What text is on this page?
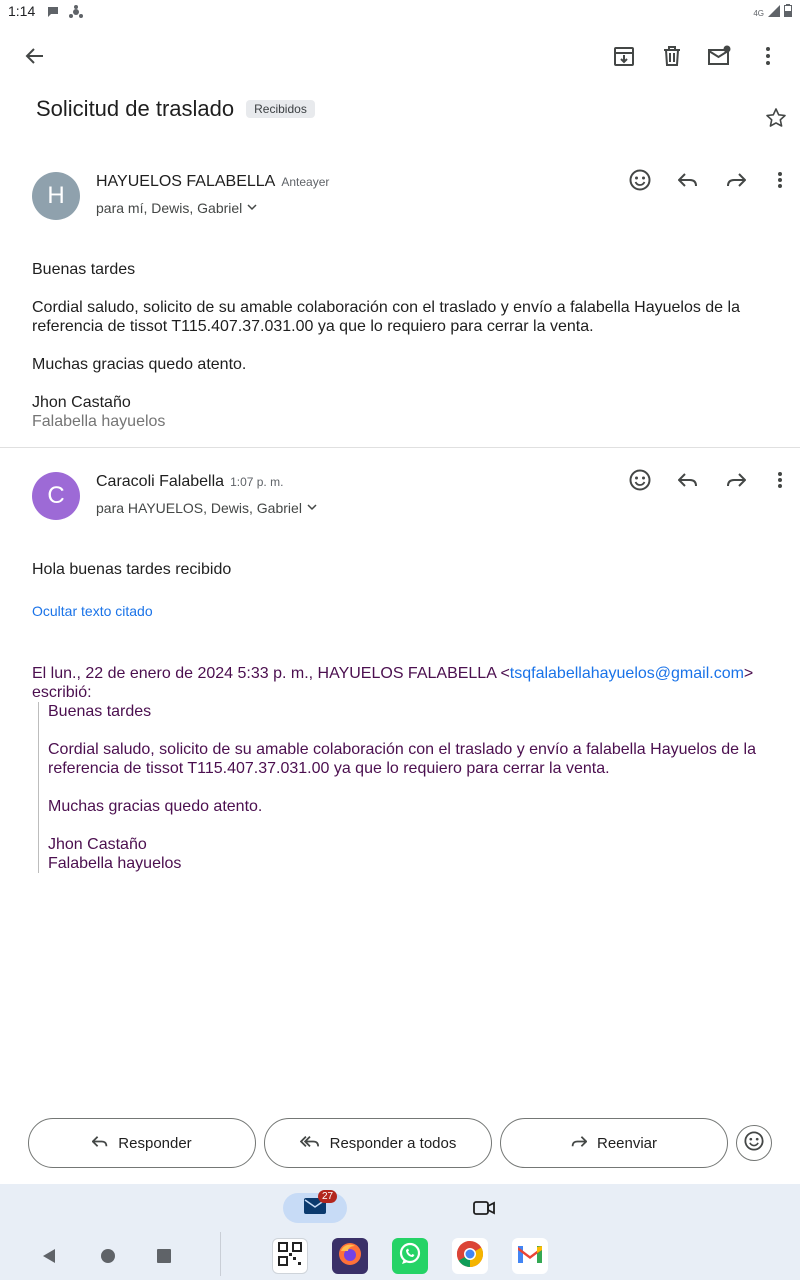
1:14	4G
Solicitud de traslado	Recibidos
H
HAYUELOS FALABELLA Anteayer
para mí, Dewis, Gabriel

Buenas tardes

Cordial saludo, solicito de su amable colaboración con el traslado y envío a falabella Hayuelos de la referencia de tissot T115.407.37.031.00 ya que lo requiero para cerrar la venta.

Muchas gracias quedo atento.

Jhon Castaño
Falabella hayuelos
C
Caracoli Falabella 1:07 p. m.
para HAYUELOS, Dewis, Gabriel

Hola buenas tardes recibido

Ocultar texto citado
El lun., 22 de enero de 2024 5:33 p. m., HAYUELOS FALABELLA <tsqfalabellahayuelos@gmail.com>
escribió:

Buenas tardes

Cordial saludo, solicito de su amable colaboración con el traslado y envío a falabella Hayuelos de la referencia de tissot T115.407.37.031.00 ya que lo requiero para cerrar la venta.

Muchas gracias quedo atento.

Jhon Castaño
Falabella hayuelos
Responder	Responder a todos	Reenviar
27
